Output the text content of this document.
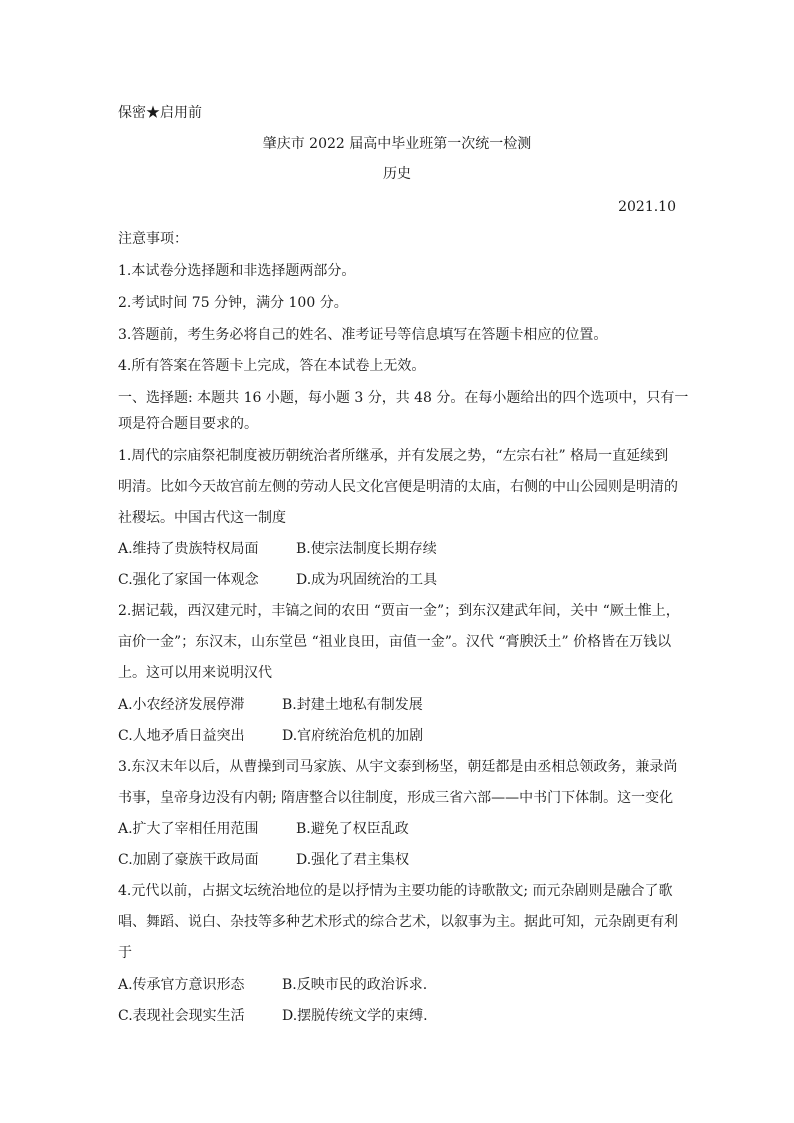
保密★启用前
肇庆市 2022 届高中毕业班第一次统一检测
历史
2021.10
注意事项：
1.本试卷分选择题和非选择题两部分。
2.考试时间 75 分钟，满分 100 分。
3.答题前，考生务必将自己的姓名、准考证号等信息填写在答题卡相应的位置。
4.所有答案在答题卡上完成，答在本试卷上无效。
一、选择题: 本题共 16 小题，每小题 3 分，共 48 分。在每小题给出的四个选项中，只有一
项是符合题目要求的。
1.周代的宗庙祭祀制度被历朝统治者所继承，并有发展之势，“左宗右社” 格局一直延续到
明清。比如今天故宫前左侧的劳动人民文化宫便是明清的太庙，右侧的中山公园则是明清的
社稷坛。中国古代这一制度
A.维持了贵族特权局面	B.使宗法制度长期存续
C.强化了家国一体观念	D.成为巩固统治的工具
2.据记载，西汉建元时，丰镐之间的农田 “贾亩一金”；到东汉建武年间，关中 “厥土惟上，
亩价一金”；东汉末，山东堂邑 “祖业良田，亩值一金”。汉代 “膏腴沃土” 价格皆在万钱以
上。这可以用来说明汉代
A.小农经济发展停滞	B.封建土地私有制发展
C.人地矛盾日益突出	D.官府统治危机的加剧
3.东汉末年以后，从曹操到司马家族、从宇文泰到杨坚，朝廷都是由丞相总领政务，兼录尚
书事，皇帝身边没有内朝; 隋唐整合以往制度，形成三省六部——中书门下体制。这一变化
A.扩大了宰相任用范围	B.避免了权臣乱政
C.加剧了豪族干政局面	D.强化了君主集权
4.元代以前，占据文坛统治地位的是以抒情为主要功能的诗歌散文; 而元杂剧则是融合了歌
唱、舞蹈、说白、杂技等多种艺术形式的综合艺术，以叙事为主。据此可知，元杂剧更有利
于
A.传承官方意识形态	B.反映市民的政治诉求.
C.表现社会现实生活	D.摆脱传统文学的束缚.
